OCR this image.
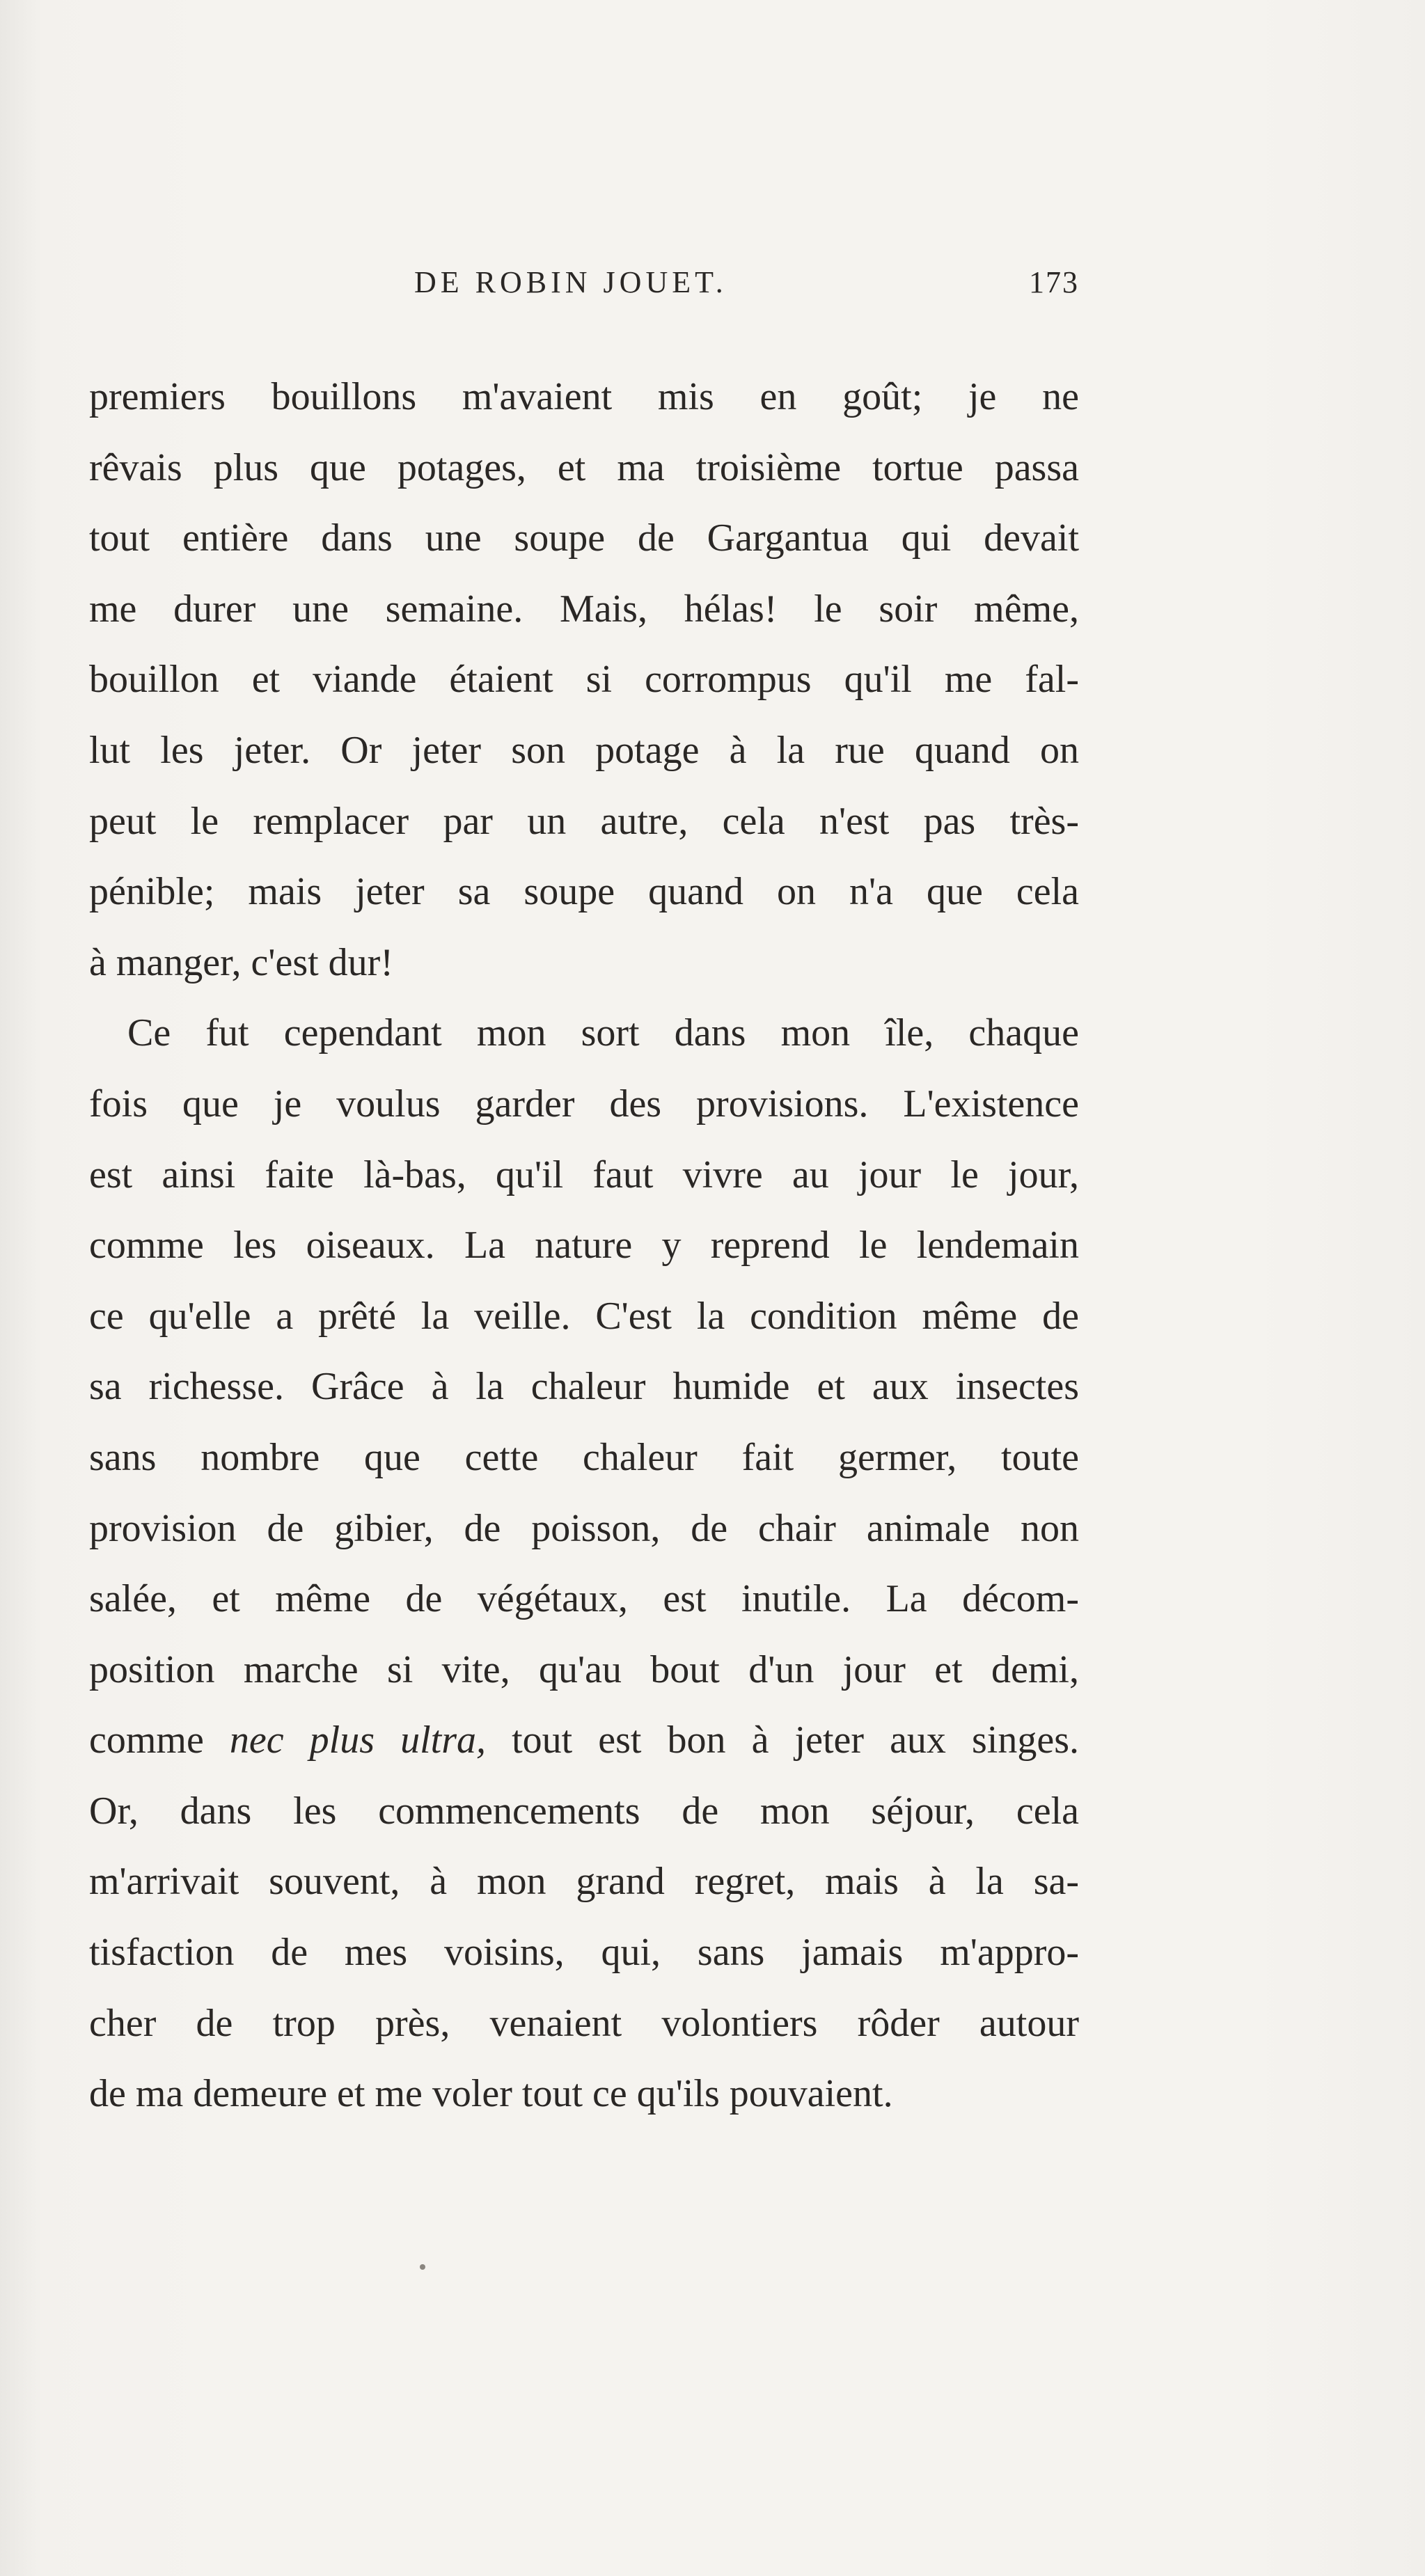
DE ROBIN JOUET.	173
premiers bouillons m'avaient mis en goût; je ne
rêvais plus que potages, et ma troisième tortue passa
tout entière dans une soupe de Gargantua qui devait
me durer une semaine. Mais, hélas! le soir même,
bouillon et viande étaient si corrompus qu'il me fal-
lut les jeter. Or jeter son potage à la rue quand on
peut le remplacer par un autre, cela n'est pas très-
pénible; mais jeter sa soupe quand on n'a que cela
à manger, c'est dur!
Ce fut cependant mon sort dans mon île, chaque
fois que je voulus garder des provisions. L'existence
est ainsi faite là-bas, qu'il faut vivre au jour le jour,
comme les oiseaux. La nature y reprend le lendemain
ce qu'elle a prêté la veille. C'est la condition même de
sa richesse. Grâce à la chaleur humide et aux insectes
sans nombre que cette chaleur fait germer, toute
provision de gibier, de poisson, de chair animale non
salée, et même de végétaux, est inutile. La décom-
position marche si vite, qu'au bout d'un jour et demi,
comme nec plus ultra, tout est bon à jeter aux singes.
Or, dans les commencements de mon séjour, cela
m'arrivait souvent, à mon grand regret, mais à la sa-
tisfaction de mes voisins, qui, sans jamais m'appro-
cher de trop près, venaient volontiers rôder autour
de ma demeure et me voler tout ce qu'ils pouvaient.
